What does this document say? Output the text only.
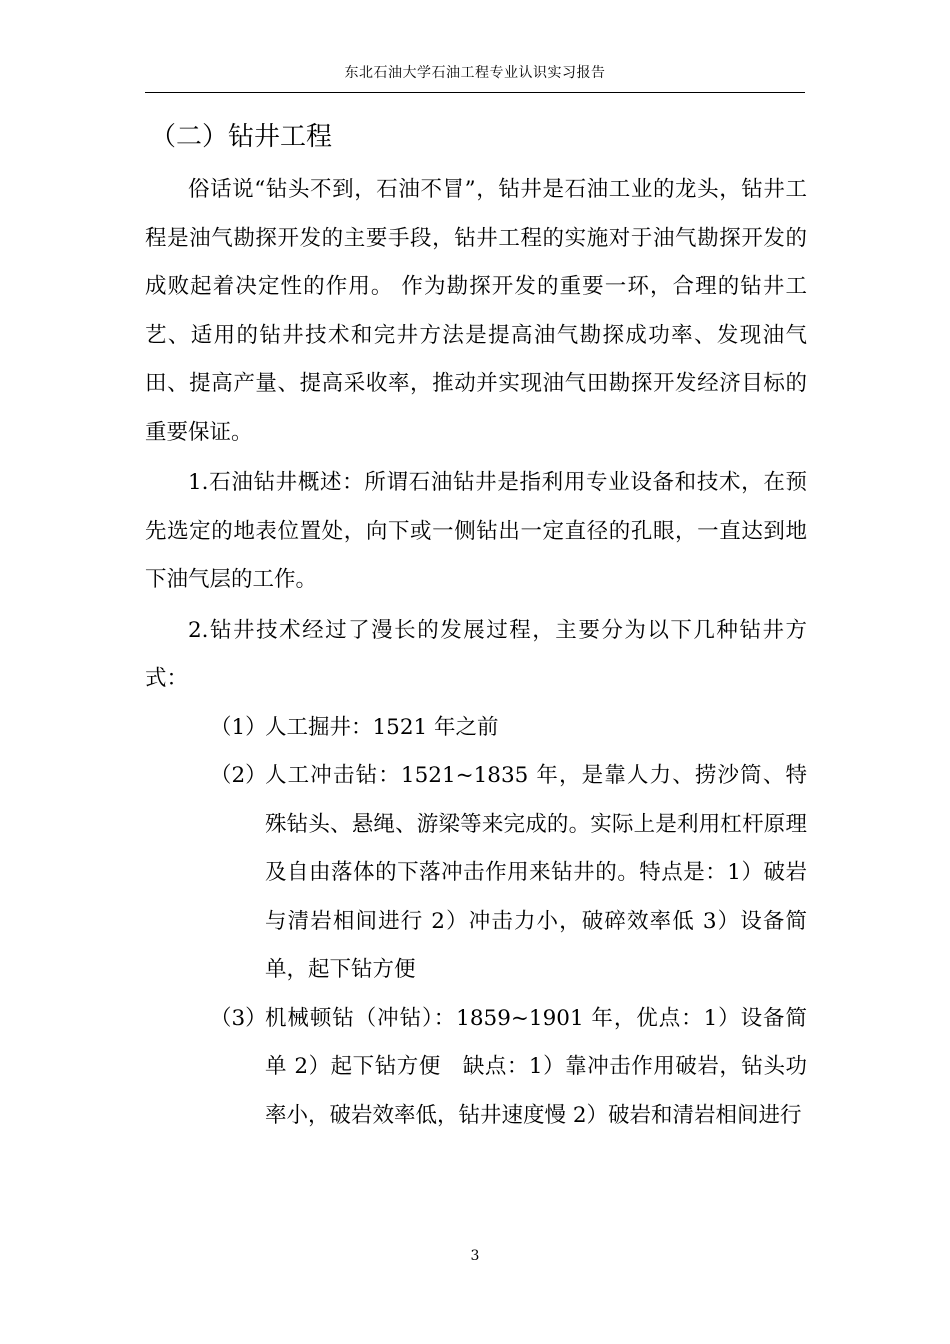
东北石油大学石油工程专业认识实习报告
（二）钻井工程

俗话说“钻头不到，石油不冒”，钻井是石油工业的龙头，钻井工程是油气勘探开发的主要手段，钻井工程的实施对于油气勘探开发的成败起着决定性的作用。 作为勘探开发的重要一环，合理的钻井工艺、适用的钻井技术和完井方法是提高油气勘探成功率、发现油气田、提高产量、提高采收率，推动并实现油气田勘探开发经济目标的重要保证。

1.石油钻井概述：所谓石油钻井是指利用专业设备和技术，在预先选定的地表位置处，向下或一侧钻出一定直径的孔眼，一直达到地下油气层的工作。

2.钻井技术经过了漫长的发展过程，主要分为以下几种钻井方式：

（1）
人工掘井：1521 年之前
（2）
人工冲击钻：1521~1835 年，是靠人力、捞沙筒、特殊钻头、悬绳、游梁等来完成的。实际上是利用杠杆原理及自由落体的下落冲击作用来钻井的。特点是：1）破岩与清岩相间进行 2）冲击力小，破碎效率低 3）设备简单，起下钻方便
（3）
机械顿钻（冲钻）：1859~1901 年，优点：1）设备简单 2）起下钻方便　缺点：1）靠冲击作用破岩，钻头功率小，破岩效率低，钻井速度慢 2）破岩和清岩相间进行
3
